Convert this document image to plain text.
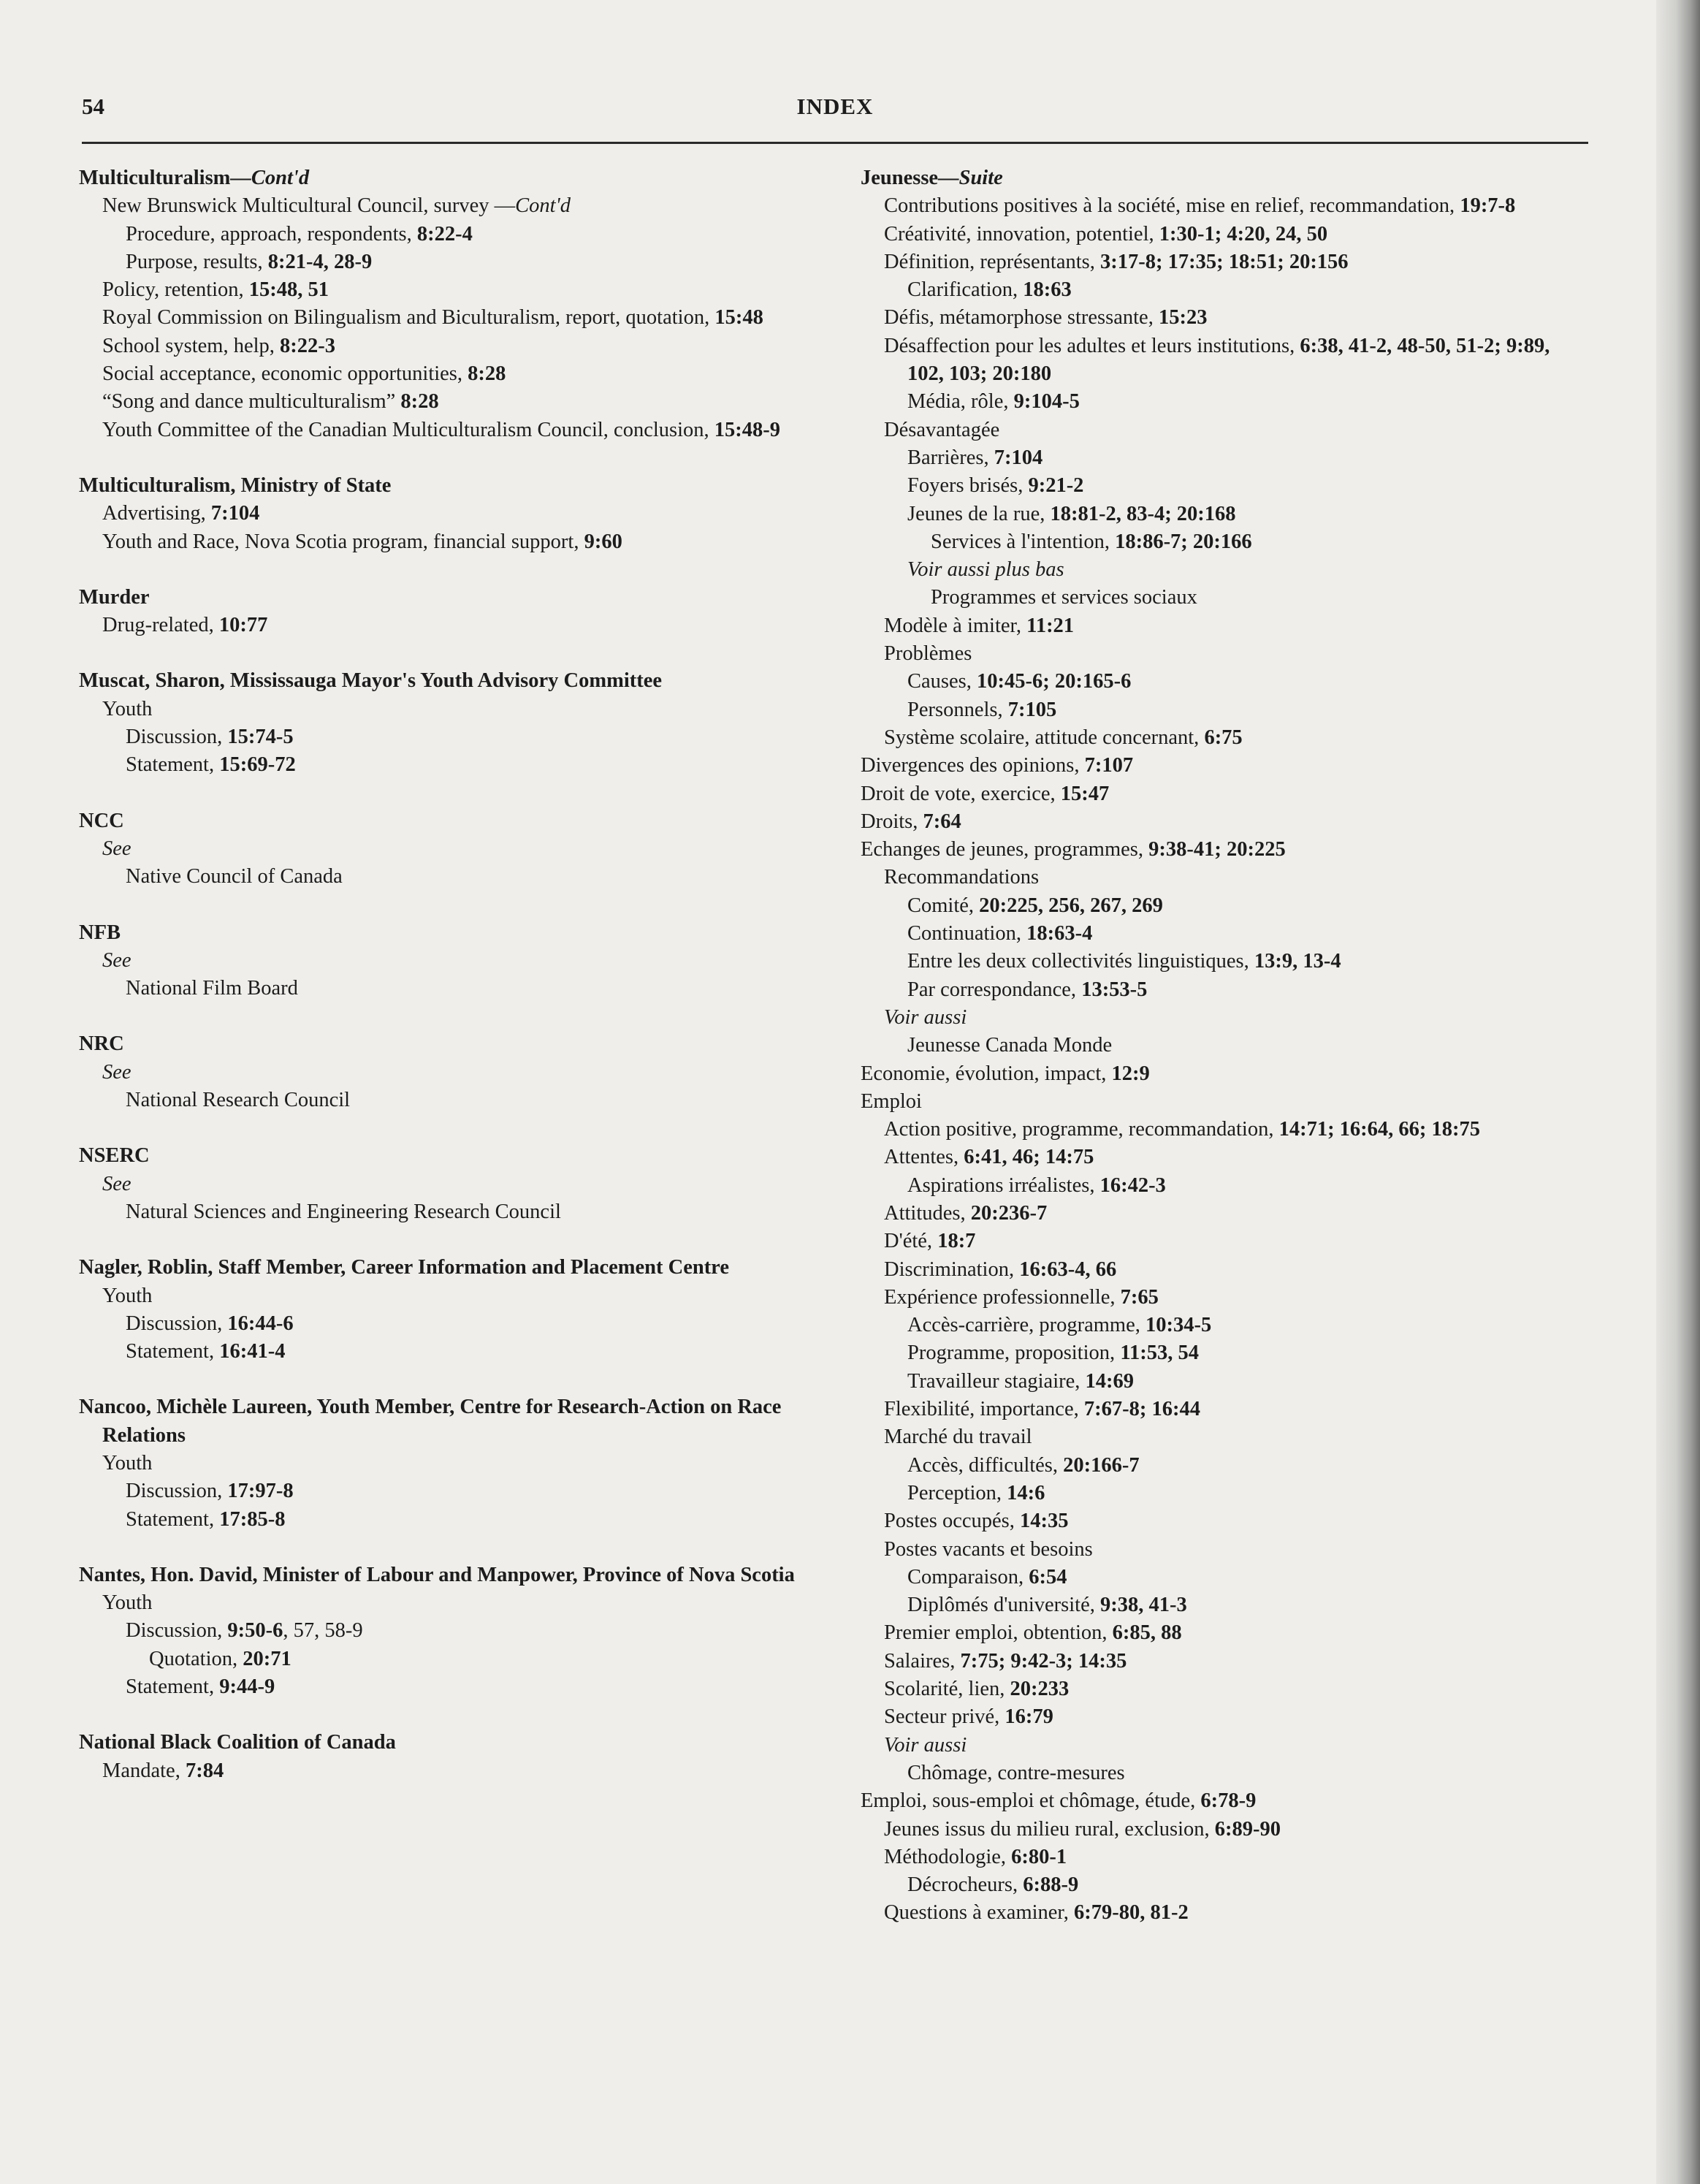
54	INDEX
Multiculturalism—Cont'd
New Brunswick Multicultural Council, survey —Cont'd
Procedure, approach, respondents, 8:22-4
Purpose, results, 8:21-4, 28-9
Policy, retention, 15:48, 51
Royal Commission on Bilingualism and Biculturalism, report, quotation, 15:48
School system, help, 8:22-3
Social acceptance, economic opportunities, 8:28
“Song and dance multiculturalism” 8:28
Youth Committee of the Canadian Multiculturalism Council, conclusion, 15:48-9
Multiculturalism, Ministry of State
Advertising, 7:104
Youth and Race, Nova Scotia program, financial support, 9:60
Murder
Drug-related, 10:77
Muscat, Sharon, Mississauga Mayor's Youth Advisory Committee
Youth
Discussion, 15:74-5
Statement, 15:69-72
NCC
See
Native Council of Canada
NFB
See
National Film Board
NRC
See
National Research Council
NSERC
See
Natural Sciences and Engineering Research Council
Nagler, Roblin, Staff Member, Career Information and Placement Centre
Youth
Discussion, 16:44-6
Statement, 16:41-4
Nancoo, Michèle Laureen, Youth Member, Centre for Research-Action on Race Relations
Youth
Discussion, 17:97-8
Statement, 17:85-8
Nantes, Hon. David, Minister of Labour and Manpower, Province of Nova Scotia
Youth
Discussion, 9:50-6, 57, 58-9
Quotation, 20:71
Statement, 9:44-9
National Black Coalition of Canada
Mandate, 7:84
Jeunesse—Suite
Contributions positives à la société, mise en relief, recommandation, 19:7-8
Créativité, innovation, potentiel, 1:30-1; 4:20, 24, 50
Définition, représentants, 3:17-8; 17:35; 18:51; 20:156
Clarification, 18:63
Défis, métamorphose stressante, 15:23
Désaffection pour les adultes et leurs institutions, 6:38, 41-2, 48-50, 51-2; 9:89, 102, 103; 20:180
Média, rôle, 9:104-5
Désavantagée
Barrières, 7:104
Foyers brisés, 9:21-2
Jeunes de la rue, 18:81-2, 83-4; 20:168
Services à l'intention, 18:86-7; 20:166
Voir aussi plus bas
Programmes et services sociaux
Modèle à imiter, 11:21
Problèmes
Causes, 10:45-6; 20:165-6
Personnels, 7:105
Système scolaire, attitude concernant, 6:75
Divergences des opinions, 7:107
Droit de vote, exercice, 15:47
Droits, 7:64
Echanges de jeunes, programmes, 9:38-41; 20:225
Recommandations
Comité, 20:225, 256, 267, 269
Continuation, 18:63-4
Entre les deux collectivités linguistiques, 13:9, 13-4
Par correspondance, 13:53-5
Voir aussi
Jeunesse Canada Monde
Economie, évolution, impact, 12:9
Emploi
Action positive, programme, recommandation, 14:71; 16:64, 66; 18:75
Attentes, 6:41, 46; 14:75
Aspirations irréalistes, 16:42-3
Attitudes, 20:236-7
D'été, 18:7
Discrimination, 16:63-4, 66
Expérience professionnelle, 7:65
Accès-carrière, programme, 10:34-5
Programme, proposition, 11:53, 54
Travailleur stagiaire, 14:69
Flexibilité, importance, 7:67-8; 16:44
Marché du travail
Accès, difficultés, 20:166-7
Perception, 14:6
Postes occupés, 14:35
Postes vacants et besoins
Comparaison, 6:54
Diplômés d'université, 9:38, 41-3
Premier emploi, obtention, 6:85, 88
Salaires, 7:75; 9:42-3; 14:35
Scolarité, lien, 20:233
Secteur privé, 16:79
Voir aussi
Chômage, contre-mesures
Emploi, sous-emploi et chômage, étude, 6:78-9
Jeunes issus du milieu rural, exclusion, 6:89-90
Méthodologie, 6:80-1
Décrocheurs, 6:88-9
Questions à examiner, 6:79-80, 81-2
